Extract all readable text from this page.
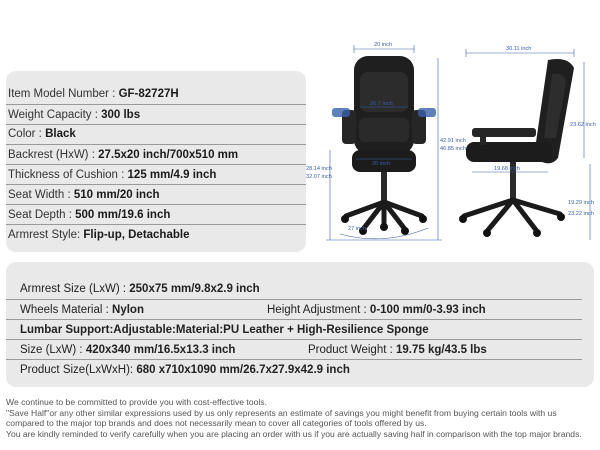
Item Model Number : GF-82727H
Weight Capacity : 300 lbs
Color : Black
Backrest (HxW) : 27.5x20 inch/700x510 mm
Thickness of Cushion : 125 mm/4.9 inch
Seat Width : 510 mm/20 inch
Seat Depth : 500 mm/19.6 inch
Armrest Style: Flip-up, Detachable
20 inch
30.11 inch
26.7 inch
20 inch
28.14 inch
32.07 inch
42.91 inch
46.85 inch
27 inch
23.62 inch
19.68 inch
19.29 inch
23.22 inch
Armrest Size (LxW) : 250x75 mm/9.8x2.9 inch
Wheels Material : Nylon	Height Adjustment : 0-100 mm/0-3.93 inch
Lumbar Support:Adjustable:Material:PU Leather + High-Resilience Sponge
Size (LxW) : 420x340 mm/16.5x13.3 inch	Product Weight : 19.75 kg/43.5 lbs
Product Size(LxWxH): 680 x710x1090 mm/26.7x27.9x42.9 inch
We continue to be committed to provide you with cost-effective tools.
"Save Half"or any other similar expressions used by us only represents an estimate of savings you might benefit from buying certain tools with us
compared to the major top brands and does not necessarily mean to cover all categories of tools offered by us.
You are kindly reminded to verify carefully when you are placing an order with us if you are actually saving half in comparison with the top major brands.
